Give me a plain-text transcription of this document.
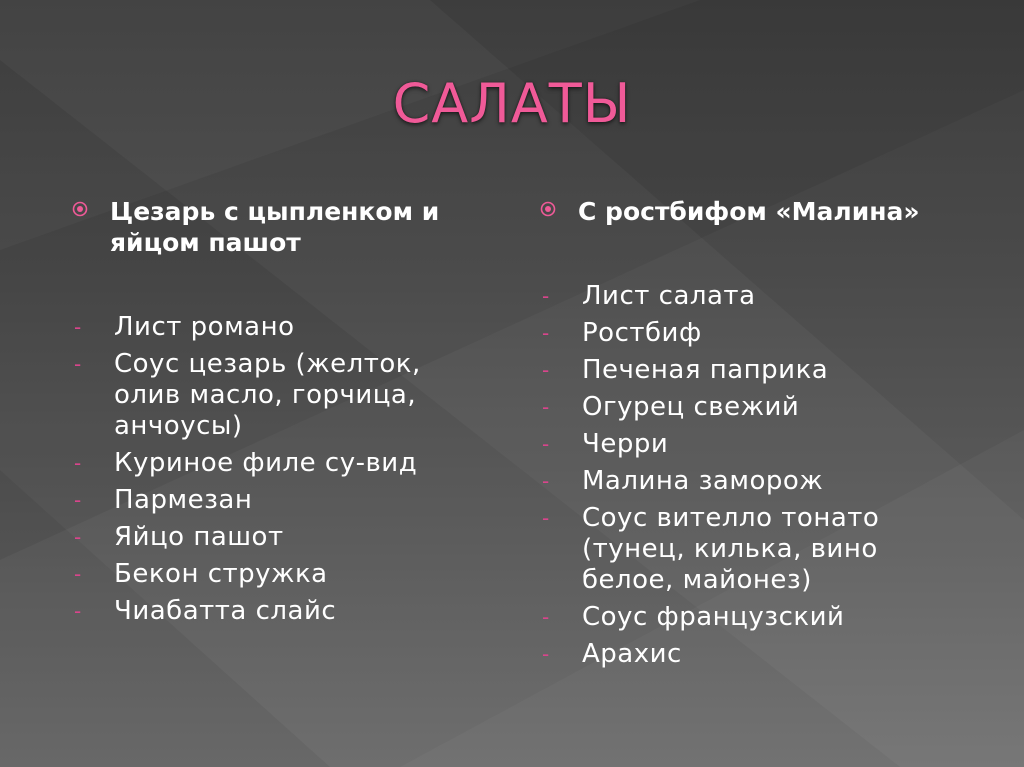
САЛАТЫ
Цезарь с цыпленком и яйцом пашот
-	Лист романо
-	Соус цезарь (желток, олив масло, горчица, анчоусы)
-	Куриное филе су-вид
-	Пармезан
-	Яйцо пашот
-	Бекон стружка
-	Чиабатта слайс
С ростбифом «Малина»
-	Лист салата
-	Ростбиф
-	Печеная паприка
-	Огурец свежий
-	Черри
-	Малина заморож
-	Соус вителло тонато (тунец, килька, вино белое, майонез)
-	Соус французский
-	Арахис
